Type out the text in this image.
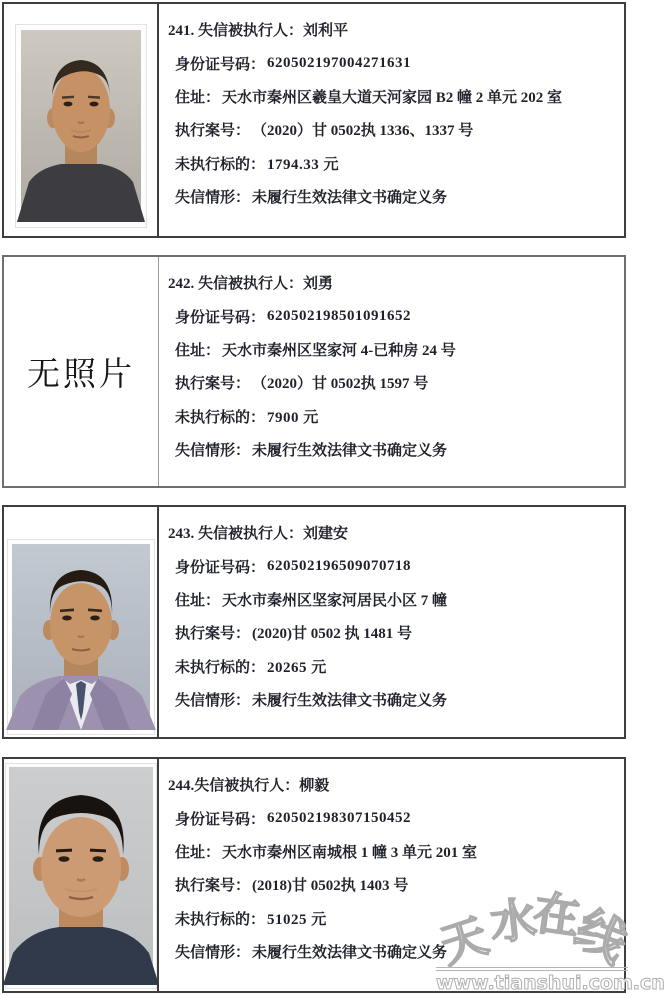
241. 失信被执行人： 刘利平
身份证号码： 620502197004271631
住址： 天水市秦州区羲皇大道天河家园 B2 幢 2 单元 202 室
执行案号： （2020）甘 0502执 1336、1337 号
未执行标的： 1794.33 元
失信情形： 未履行生效法律文书确定义务
无照片
242. 失信被执行人： 刘勇
身份证号码： 620502198501091652
住址： 天水市秦州区坚家河 4-已种房 24 号
执行案号： （2020）甘 0502执 1597 号
未执行标的： 7900 元
失信情形： 未履行生效法律文书确定义务
243. 失信被执行人： 刘建安
身份证号码： 620502196509070718
住址： 天水市秦州区坚家河居民小区 7 幢
执行案号： (2020)甘 0502 执 1481 号
未执行标的： 20265 元
失信情形： 未履行生效法律文书确定义务
244.失信被执行人： 柳毅
身份证号码： 620502198307150452
住址： 天水市秦州区南城根 1 幢 3 单元 201 室
执行案号： (2018)甘 0502执 1403 号
未执行标的： 51025 元
失信情形： 未履行生效法律文书确定义务
天
水
在
线
www.tianshui.com.cn
